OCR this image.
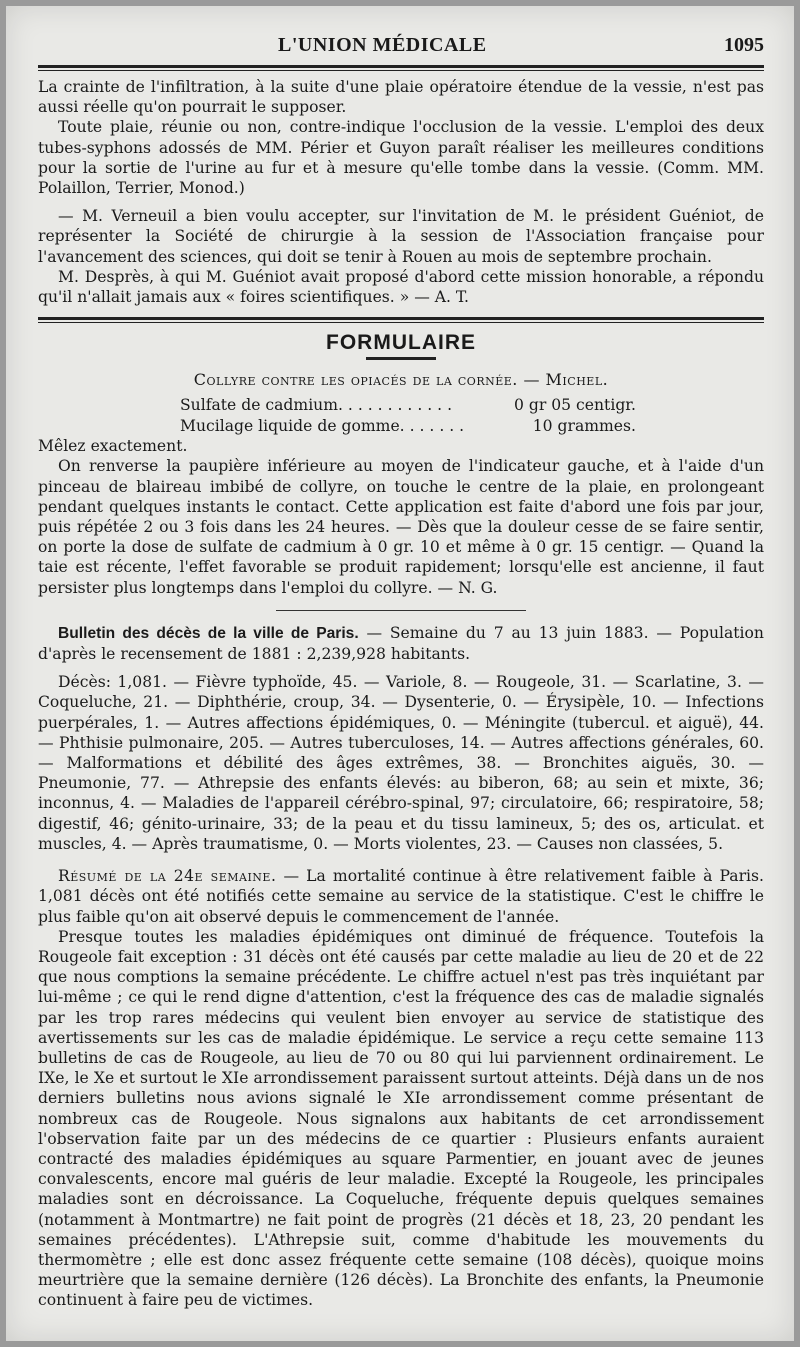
L'UNION MÉDICALE	1095

La crainte de l'infiltration, à la suite d'une plaie opératoire étendue de la vessie, n'est pas aussi réelle qu'on pourrait le supposer.

Toute plaie, réunie ou non, contre-indique l'occlusion de la vessie. L'emploi des deux tubes-syphons adossés de MM. Périer et Guyon paraît réaliser les meilleures conditions pour la sortie de l'urine au fur et à mesure qu'elle tombe dans la vessie. (Comm. MM. Polaillon, Terrier, Monod.)

— M. Verneuil a bien voulu accepter, sur l'invitation de M. le président Guéniot, de représenter la Société de chirurgie à la session de l'Association française pour l'avancement des sciences, qui doit se tenir à Rouen au mois de septembre prochain.

M. Desprès, à qui M. Guéniot avait proposé d'abord cette mission honorable, a répondu qu'il n'allait jamais aux « foires scientifiques. » — A. T.

FORMULAIRE
Collyre contre les opiacés de la cornée. — Michel.
Sulfate de cadmium. . . . . . . . . . . .	0 gr 05 centigr.
Mucilage liquide de gomme. . . . . . .	10 grammes.

Mêlez exactement.

On renverse la paupière inférieure au moyen de l'indicateur gauche, et à l'aide d'un pinceau de blaireau imbibé de collyre, on touche le centre de la plaie, en prolongeant pendant quelques instants le contact. Cette application est faite d'abord une fois par jour, puis répétée 2 ou 3 fois dans les 24 heures. — Dès que la douleur cesse de se faire sentir, on porte la dose de sulfate de cadmium à 0 gr. 10 et même à 0 gr. 15 centigr. — Quand la taie est récente, l'effet favorable se produit rapidement; lorsqu'elle est ancienne, il faut persister plus longtemps dans l'emploi du collyre. — N. G.

Bulletin des décès de la ville de Paris. — Semaine du 7 au 13 juin 1883. — Population d'après le recensement de 1881 : 2,239,928 habitants.

Décès: 1,081. — Fièvre typhoïde, 45. — Variole, 8. — Rougeole, 31. — Scarlatine, 3. — Coqueluche, 21. — Diphthérie, croup, 34. — Dysenterie, 0. — Érysipèle, 10. — Infections puerpérales, 1. — Autres affections épidémiques, 0. — Méningite (tubercul. et aiguë), 44. — Phthisie pulmonaire, 205. — Autres tuberculoses, 14. — Autres affections générales, 60. — Malformations et débilité des âges extrêmes, 38. — Bronchites aiguës, 30. — Pneumonie, 77. — Athrepsie des enfants élevés: au biberon, 68; au sein et mixte, 36; inconnus, 4. — Maladies de l'appareil cérébro-spinal, 97; circulatoire, 66; respiratoire, 58; digestif, 46; génito-urinaire, 33; de la peau et du tissu lamineux, 5; des os, articulat. et muscles, 4. — Après traumatisme, 0. — Morts violentes, 23. — Causes non classées, 5.

Résumé de la 24e semaine. — La mortalité continue à être relativement faible à Paris. 1,081 décès ont été notifiés cette semaine au service de la statistique. C'est le chiffre le plus faible qu'on ait observé depuis le commencement de l'année.

Presque toutes les maladies épidémiques ont diminué de fréquence. Toutefois la Rougeole fait exception : 31 décès ont été causés par cette maladie au lieu de 20 et de 22 que nous comptions la semaine précédente. Le chiffre actuel n'est pas très inquiétant par lui-même ; ce qui le rend digne d'attention, c'est la fréquence des cas de maladie signalés par les trop rares médecins qui veulent bien envoyer au service de statistique des avertissements sur les cas de maladie épidémique. Le service a reçu cette semaine 113 bulletins de cas de Rougeole, au lieu de 70 ou 80 qui lui parviennent ordinairement. Le IXe, le Xe et surtout le XIe arrondissement paraissent surtout atteints. Déjà dans un de nos derniers bulletins nous avions signalé le XIe arrondissement comme présentant de nombreux cas de Rougeole. Nous signalons aux habitants de cet arrondissement l'observation faite par un des médecins de ce quartier : Plusieurs enfants auraient contracté des maladies épidémiques au square Parmentier, en jouant avec de jeunes convalescents, encore mal guéris de leur maladie. Excepté la Rougeole, les principales maladies sont en décroissance. La Coqueluche, fréquente depuis quelques semaines (notamment à Montmartre) ne fait point de progrès (21 décès et 18, 23, 20 pendant les semaines précédentes). L'Athrepsie suit, comme d'habitude les mouvements du thermomètre ; elle est donc assez fréquente cette semaine (108 décès), quoique moins meurtrière que la semaine dernière (126 décès). La Bronchite des enfants, la Pneumonie continuent à faire peu de victimes.
